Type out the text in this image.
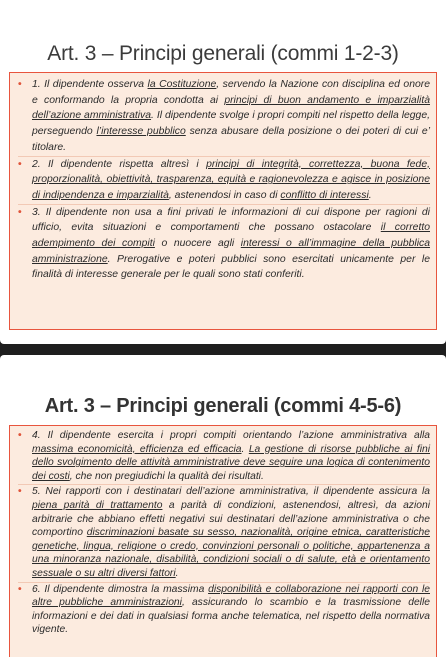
Art. 3 – Principi generali (commi 1-2-3)

• 1. Il dipendente osserva la Costituzione, servendo la Nazione con disciplina ed onore e conformando la propria condotta ai principi di buon andamento e imparzialità dell’azione amministrativa. Il dipendente svolge i propri compiti nel rispetto della legge, perseguendo l’interesse pubblico senza abusare della posizione o dei poteri di cui e’ titolare.

• 2. Il dipendente rispetta altresì i principi di integrità, correttezza, buona fede, proporzionalità, obiettività, trasparenza, equità e ragionevolezza e agisce in posizione di indipendenza e imparzialità, astenendosi in caso di conflitto di interessi.

• 3. Il dipendente non usa a fini privati le informazioni di cui dispone per ragioni di ufficio, evita situazioni e comportamenti che possano ostacolare il corretto adempimento dei compiti o nuocere agli interessi o all’immagine della pubblica amministrazione. Prerogative e poteri pubblici sono esercitati unicamente per le finalità di interesse generale per le quali sono stati conferiti.

Art. 3 – Principi generali (commi 4-5-6)

• 4. Il dipendente esercita i propri compiti orientando l’azione amministrativa alla massima economicità, efficienza ed efficacia. La gestione di risorse pubbliche ai fini dello svolgimento delle attività amministrative deve seguire una logica di contenimento dei costi, che non pregiudichi la qualità dei risultati.

• 5. Nei rapporti con i destinatari dell’azione amministrativa, il dipendente assicura la piena parità di trattamento a parità di condizioni, astenendosi, altresì, da azioni arbitrarie che abbiano effetti negativi sui destinatari dell’azione amministrativa o che comportino discriminazioni basate su sesso, nazionalità, origine etnica, caratteristiche genetiche, lingua, religione o credo, convinzioni personali o politiche, appartenenza a una minoranza nazionale, disabilità, condizioni sociali o di salute, età e orientamento sessuale o su altri diversi fattori.

• 6. Il dipendente dimostra la massima disponibilità e collaborazione nei rapporti con le altre pubbliche amministrazioni, assicurando lo scambio e la trasmissione delle informazioni e dei dati in qualsiasi forma anche telematica, nel rispetto della normativa vigente.
